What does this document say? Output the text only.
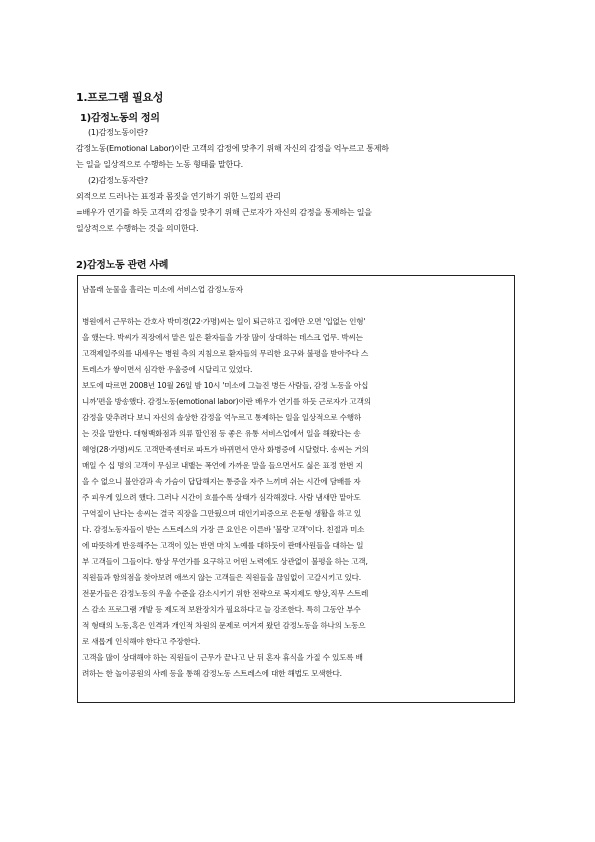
1.프로그램 필요성
1)감정노동의 정의
(1)감정노동이란?
감정노동(Emotional Labor)이란 고객의 감정에 맞추기 위해 자신의 감정을 억누르고 통제하
는 일을 일상적으로 수행하는 노동 형태를 말한다.
(2)감정노동자란?
외적으로 드러나는 표정과 몸짓을 연기하기 위한 느낌의 관리
=배우가 연기를 하듯 고객의 감정을 맞추기 위해 근로자가 자신의 감정을 통제하는 일을
일상적으로 수행하는 것을 의미한다.
2)감정노동 관련 사례

남몰래 눈물을 흘리는 미소에 서비스업 감정노동자

병원에서 근무하는 간호사 박미경(22·가명)씨는 일이 퇴근하고 집에만 오면 '입없는 인형'

을 했는다. 박씨가 직장에서 맡은 일은 환자들을 가장 많이 상대하는 데스크 업무. 박씨는

고객제일주의를 내세우는 병원 측의 지침으로 환자들의 무리한 요구와 불평을 받아주다 스

트레스가 쌓이면서 심각한 우울증에 시달리고 있었다.

보도에 따르면 2008년 10월 26일 밤 10시 '미소에 그늘진 병든 사람들, 감정 노동을 아십

니까'편을 방송했다. 감정노동(emotional labor)이란 배우가 연기를 하듯 근로자가 고객의

감정을 맞추려다 보니 자신의 솔상한 감정을 억누르고 통제하는 일을 일상적으로 수행하

는 것을 말한다. 대형백화점과 의류 할인점 등 좋은 유통 서비스업에서 일을 해왔다는 송

혜영(28·가명)씨도 고객만족센터로 파트가 바뀌면서 만사 화병증에 시달렸다. 송씨는 거의

매일 수 십 명의 고객이 무심코 내뱉는 폭언에 가까운 말을 들으면서도 싫은 표정 한번 지

을 수 없으니 불안감과 속 가슴이 답답해지는 통증을 자주 느끼며 쉬는 시간에 담배를 자

주 피우게 있으려 했다. 그러나 시간이 흐를수록 상태가 심각해졌다. 사람 냄새만 맡아도

구역질이 난다는 송씨는 결국 직장을 그만뒀으며 대인기피증으로 은둔형 생활을 하고 있

다. 감정노동자들이 받는 스트레스의 가장 큰 요인은 이른바 '불량 고객'이다. 친절과 미소

에 따뜻하게 반응해주는 고객이 있는 반면 마치 노예를 대하듯이 판매사원들을 대하는 일

부 고객들이 그들이다. 항상 무언가를 요구하고 어떤 노력에도 상관없이 불평을 하는 고객,

직원들과 함의점을 찾아보려 애쓰지 않는 고객들은 직원들을 끊임없이 고갈시키고 있다.

전문가들은 감정노동의 우울 수준을 감소시키기 위한 전략으로 복지제도 향상,직무 스트레

스 감소 프로그램 개발 등 제도적 보완장치가 필요하다고 늘 강조한다. 특히 그동안 부수

적 형태의 노동,혹은 인격과 개인적 차원의 문제로 여겨져 왔던 감정노동을 하나의 노동으

로 새롭게 인식해야 한다고 주장한다.

고객을 많이 상대해야 하는 직원들이 근무가 끝나고 난 뒤 혼자 휴식을 가질 수 있도록 배

려하는 한 놀이공원의 사례 등을 통해 감정노동 스트레스에 대한 해법도 모색한다.
